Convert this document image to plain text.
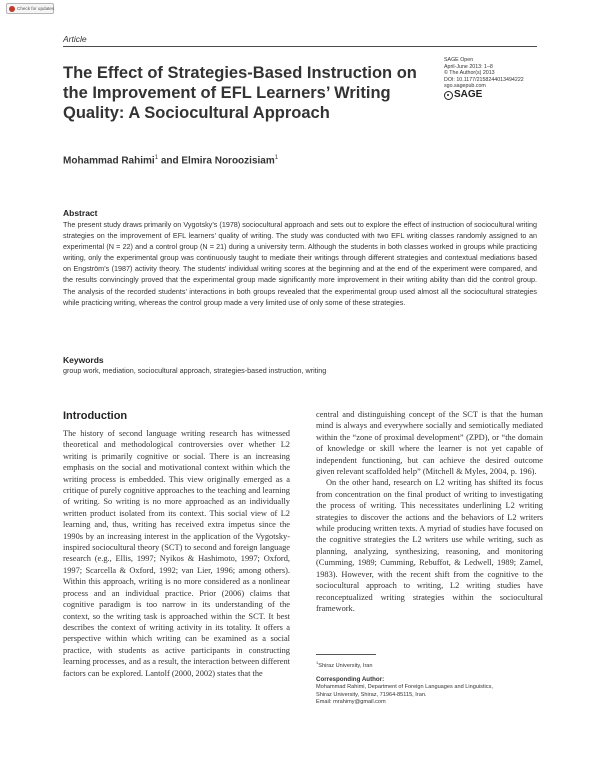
Check for updates
Article
The Effect of Strategies-Based Instruction on the Improvement of EFL Learners’ Writing Quality: A Sociocultural Approach
SAGE Open
April-June 2013: 1–8
© The Author(s) 2013
DOI: 10.1177/2158244013494222
sgo.sagepub.com
SAGE
Mohammad Rahimi$^1$ and Elmira Noroozisiam$^1$
Abstract

The present study draws primarily on Vygotsky’s (1978) sociocultural approach and sets out to explore the effect of instruction of sociocultural writing strategies on the improvement of EFL learners’ quality of writing. The study was conducted with two EFL writing classes randomly assigned to an experimental (N = 22) and a control group (N = 21) during a university term. Although the students in both classes worked in groups while practicing writing, only the experimental group was continuously taught to mediate their writings through different strategies and contextual mediations based on Engström’s (1987) activity theory. The students’ individual writing scores at the beginning and at the end of the experiment were compared, and the results convincingly proved that the experimental group made significantly more improvement in their writing ability than did the control group. The analysis of the recorded students’ interactions in both groups revealed that the experimental group used almost all the sociocultural strategies while practicing writing, whereas the control group made a very limited use of only some of these strategies.

Keywords
group work, mediation, sociocultural approach, strategies-based instruction, writing
Introduction

The history of second language writing research has witnessed theoretical and methodological controversies over whether L2 writing is primarily cognitive or social. There is an increasing emphasis on the social and motivational context within which the writing process is embedded. This view originally emerged as a critique of purely cognitive approaches to the teaching and learning of writing. So writing is no more approached as an individually written product isolated from its context. This social view of L2 learning and, thus, writing has received extra impetus since the 1990s by an increasing interest in the application of the Vygotsky-inspired sociocultural theory (SCT) to second and foreign language research (e.g., Ellis, 1997; Nyikos & Hashimoto, 1997; Oxford, 1997; Scarcella & Oxford, 1992; van Lier, 1996; among others). Within this approach, writing is no more considered as a nonlinear process and an individual practice. Prior (2006) claims that cognitive paradigm is too narrow in its understanding of the context, so the writing task is approached within the SCT. It best describes the context of writing activity in its totality. It offers a perspective within which writing can be examined as a social practice, with students as active participants in constructing learning processes, and as a result, the interaction between different factors can be explored. Lantolf (2000, 2002) states that the

central and distinguishing concept of the SCT is that the human mind is always and everywhere socially and semiotically mediated within the “zone of proximal development” (ZPD), or “the domain of knowledge or skill where the learner is not yet capable of independent functioning, but can achieve the desired outcome given relevant scaffolded help” (Mitchell & Myles, 2004, p. 196).

On the other hand, research on L2 writing has shifted its focus from concentration on the final product of writing to investigating the process of writing. This necessitates underlining L2 writing strategies to discover the actions and the behaviors of L2 writers while producing written texts. A myriad of studies have focused on the cognitive strategies the L2 writers use while writing, such as planning, analyzing, synthesizing, reasoning, and monitoring (Cumming, 1989; Cumming, Rebuffot, & Ledwell, 1989; Zamel, 1983). However, with the recent shift from the cognitive to the sociocultural approach to writing, L2 writing studies have reconceptualized writing strategies within the sociocultural framework.

$^1$Shiraz University, Iran
Corresponding Author:
Mohammad Rahimi, Department of Foreign Languages and Linguistics,
Shiraz University, Shiraz, 71964-85115, Iran.
Email: mrahimy@gmail.com
